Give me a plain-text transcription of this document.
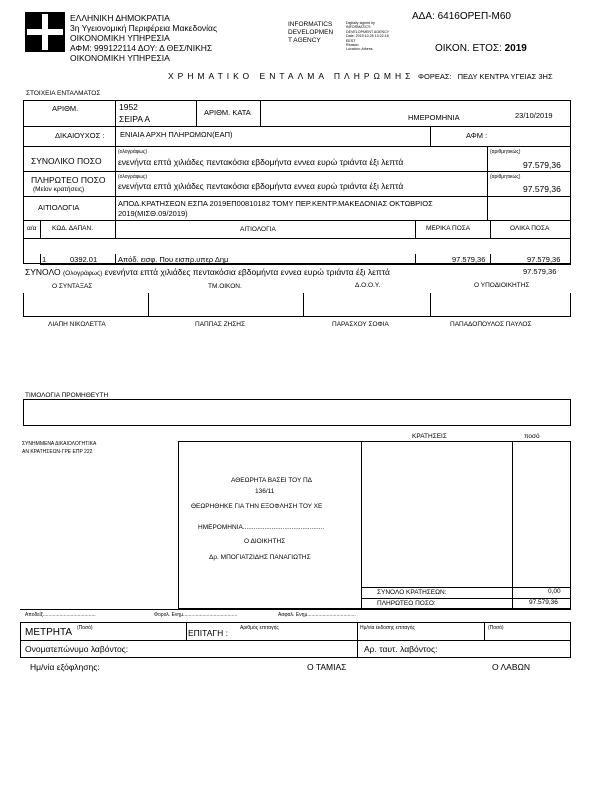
ΕΛΛΗΝΙΚΗ ΔΗΜΟΚΡΑΤΙΑ
3η Υγειονομική Περιφέρεια Μακεδονίας
ΟΙΚΟΝΟΜΙΚΗ ΥΠΗΡΕΣΙΑ
ΑΦΜ: 999122114 ΔΟΥ: Δ ΘΕΣ/ΝΙΚΗΣ
ΟΙΚΟΝΟΜΙΚΗ ΥΠΗΡΕΣΙΑ
INFORMATICS
DEVELOPMEN
T AGENCY
Digitally signed by
INFORMATICS
DEVELOPMENT AGENCY
Date: 2019.10.28 13:22:18
EEST
Reason:
Location: Athens
ΑΔΑ: 6416ΟΡΕΠ-Μ60
ΟΙΚΟΝ. ΕΤΟΣ: 2019
ΧΡΗΜΑΤΙΚΟ ΕΝΤΑΛΜΑ ΠΛΗΡΩΜΗΣ ΦΟΡΕΑΣ: ΠΕΔΥ ΚΕΝΤΡΑ ΥΓΕΙΑΣ 3ΗΣ
ΣΤΟΙΧΕΙΑ ΕΝΤΑΛΜΑΤΟΣ
ΑΡΙΘΜ.	1952
ΣΕΙΡΑ Α
ΑΡΙΘΜ. ΚΑΤΑ
ΗΜΕΡΟΜΗΝΙΑ	23/10/2019
ΔΙΚΑΙΟΥΧΟΣ : ΕΝΙΑΙΑ ΑΡΧΗ ΠΛΗΡΩΜΩΝ(ΕΑΠ)	ΑΦΜ :
ΣΥΝΟΛΙΚΟ ΠΟΣΟ
(ολογράφως)
ενενήντα επτά χιλιάδες πεντακόσια εβδομήντα εννεα ευρώ τριάντα έξι λεπτά
(αριθμητικώς)
97.579,36
ΠΛΗΡΩΤΕΟ ΠΟΣΟ
(Μείον κρατήσεις)
(ολογράφως)
ενενήντα επτά χιλιάδες πεντακόσια εβδομήντα εννεα ευρώ τριάντα έξι λεπτά
(αριθμητικώς)
97.579,36
ΑΙΤΙΟΛΟΓΙΑ	ΑΠΟΔ.ΚΡΑΤΗΣΕΩΝ ΕΣΠΑ 2019ΕΠ00810182 ΤΟΜΥ ΠΕΡ.ΚΕΝΤΡ.ΜΑΚΕΔΟΝΙΑΣ ΟΚΤΩΒΡΙΟΣ
2019(ΜΙΣΘ.09/2019)
α/α ΚΩΔ. ΔΑΠΑΝ.	ΑΙΤΙΟΛΟΓΙΑ	ΜΕΡΙΚΑ ΠΟΣΑ	ΟΛΙΚΑ ΠΟΣΑ
1	0392.01	Απόδ. εισφ. Που εισπρ.υπερ Δημ	97.579,36	97.579,36
ΣΥΝΟΛΟ (Ολογράφως) ενενήντα επτά χιλιάδες πεντακόσια εβδομήντα εννεα ευρώ τριάντα έξι λεπτά	97.579,36
Ο ΣΥΝΤΑΞΑΣ	ΤΜ.ΟΙΚΟΝ.	Δ.Ο.Ο.Υ.	Ο ΥΠΟΔΙΟΙΚΗΤΗΣ
ΛΙΑΠΗ ΝΙΚΟΛΕΤΤΑ	ΠΑΠΠΑΣ ΖΗΣΗΣ	ΠΑΡΑΣΧΟΥ ΣΟΦΙΑ	ΠΑΠΑΔΟΠΟΥΛΟΣ ΠΑΥΛΟΣ
ΤΙΜΟΛΟΓΙΑ ΠΡΟΜΗΘΕΥΤΗ
ΣΥΝΗΜΜΕΝΑ ΔΙΚΑΙΟΛΟΓΗΤΙΚΑ
ΑΝ ΚΡΑΤΗΣΕΩΝ-ΓΡΕ ΕΠΡ 222
ΚΡΑΤΗΣΕΙΣ	ποσό
ΑΘΕΩΡΗΤΑ ΒΑΣΕΙ ΤΟΥ ΠΔ
136/11
ΘΕΩΡΗΘΗΚΕ ΓΙΑ ΤΗΝ ΕΞΟΦΛΗΣΗ ΤΟΥ ΧΕ
ΗΜΕΡΟΜΗΝΙΑ.............................................
Ο ΔΙΟΙΚΗΤΗΣ
Δρ. ΜΠΟΓΙΑΤΖΙΔΗΣ ΠΑΝΑΓΙΩΤΗΣ
ΣΥΝΟΛΟ ΚΡΑΤΗΣΕΩΝ:	0,00
ΠΛΗΡΩΤΕΟ ΠΟΣΟ:	97.579,36
Αποδείξ......................................	Φορολ. Ενημ.......................................	Ασφαλ. Ενημ...................................
ΜΕΤΡΗΤΑ (Ποσό)	ΕΠΙΤΑΓΗ : Αριθμός επιταγής	Ημ/νία έκδοσης επιταγής	(Ποσό)
Ονοματεπώνυμο λαβόντος:	Αρ. ταυτ. λαβόντος:
Ημ/νία εξόφλησης:	Ο ΤΑΜΙΑΣ	Ο ΛΑΒΩΝ
